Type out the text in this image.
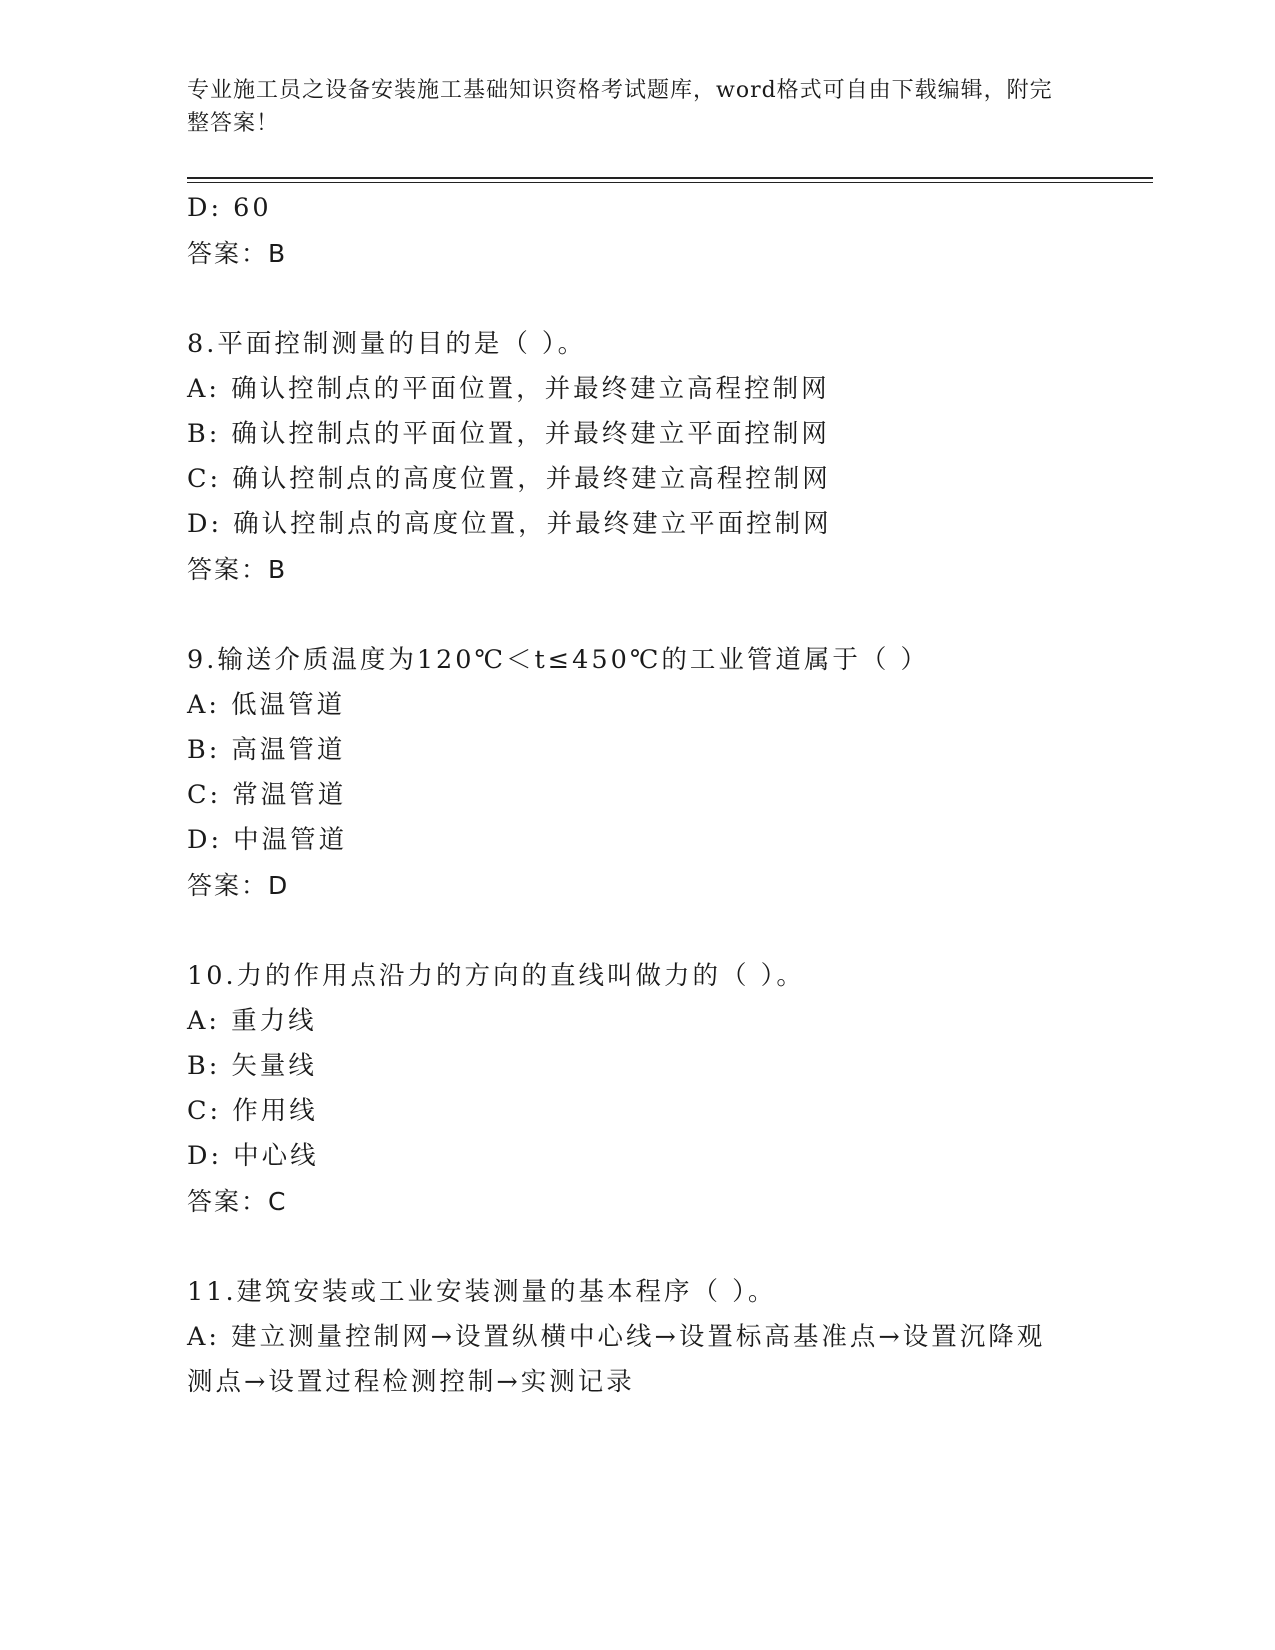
专业施工员之设备安装施工基础知识资格考试题库，word格式可自由下载编辑，附完整答案！
D: 60
答案：B
8.平面控制测量的目的是（ ）。
A: 确认控制点的平面位置，并最终建立高程控制网
B: 确认控制点的平面位置，并最终建立平面控制网
C: 确认控制点的高度位置，并最终建立高程控制网
D: 确认控制点的高度位置，并最终建立平面控制网
答案：B
9.输送介质温度为120℃＜t≤450℃的工业管道属于（ ）
A: 低温管道
B: 高温管道
C: 常温管道
D: 中温管道
答案：D
10.力的作用点沿力的方向的直线叫做力的（ ）。
A: 重力线
B: 矢量线
C: 作用线
D: 中心线
答案：C
11.建筑安装或工业安装测量的基本程序（ ）。
A: 建立测量控制网→设置纵横中心线→设置标高基准点→设置沉降观测点→设置过程检测控制→实测记录
